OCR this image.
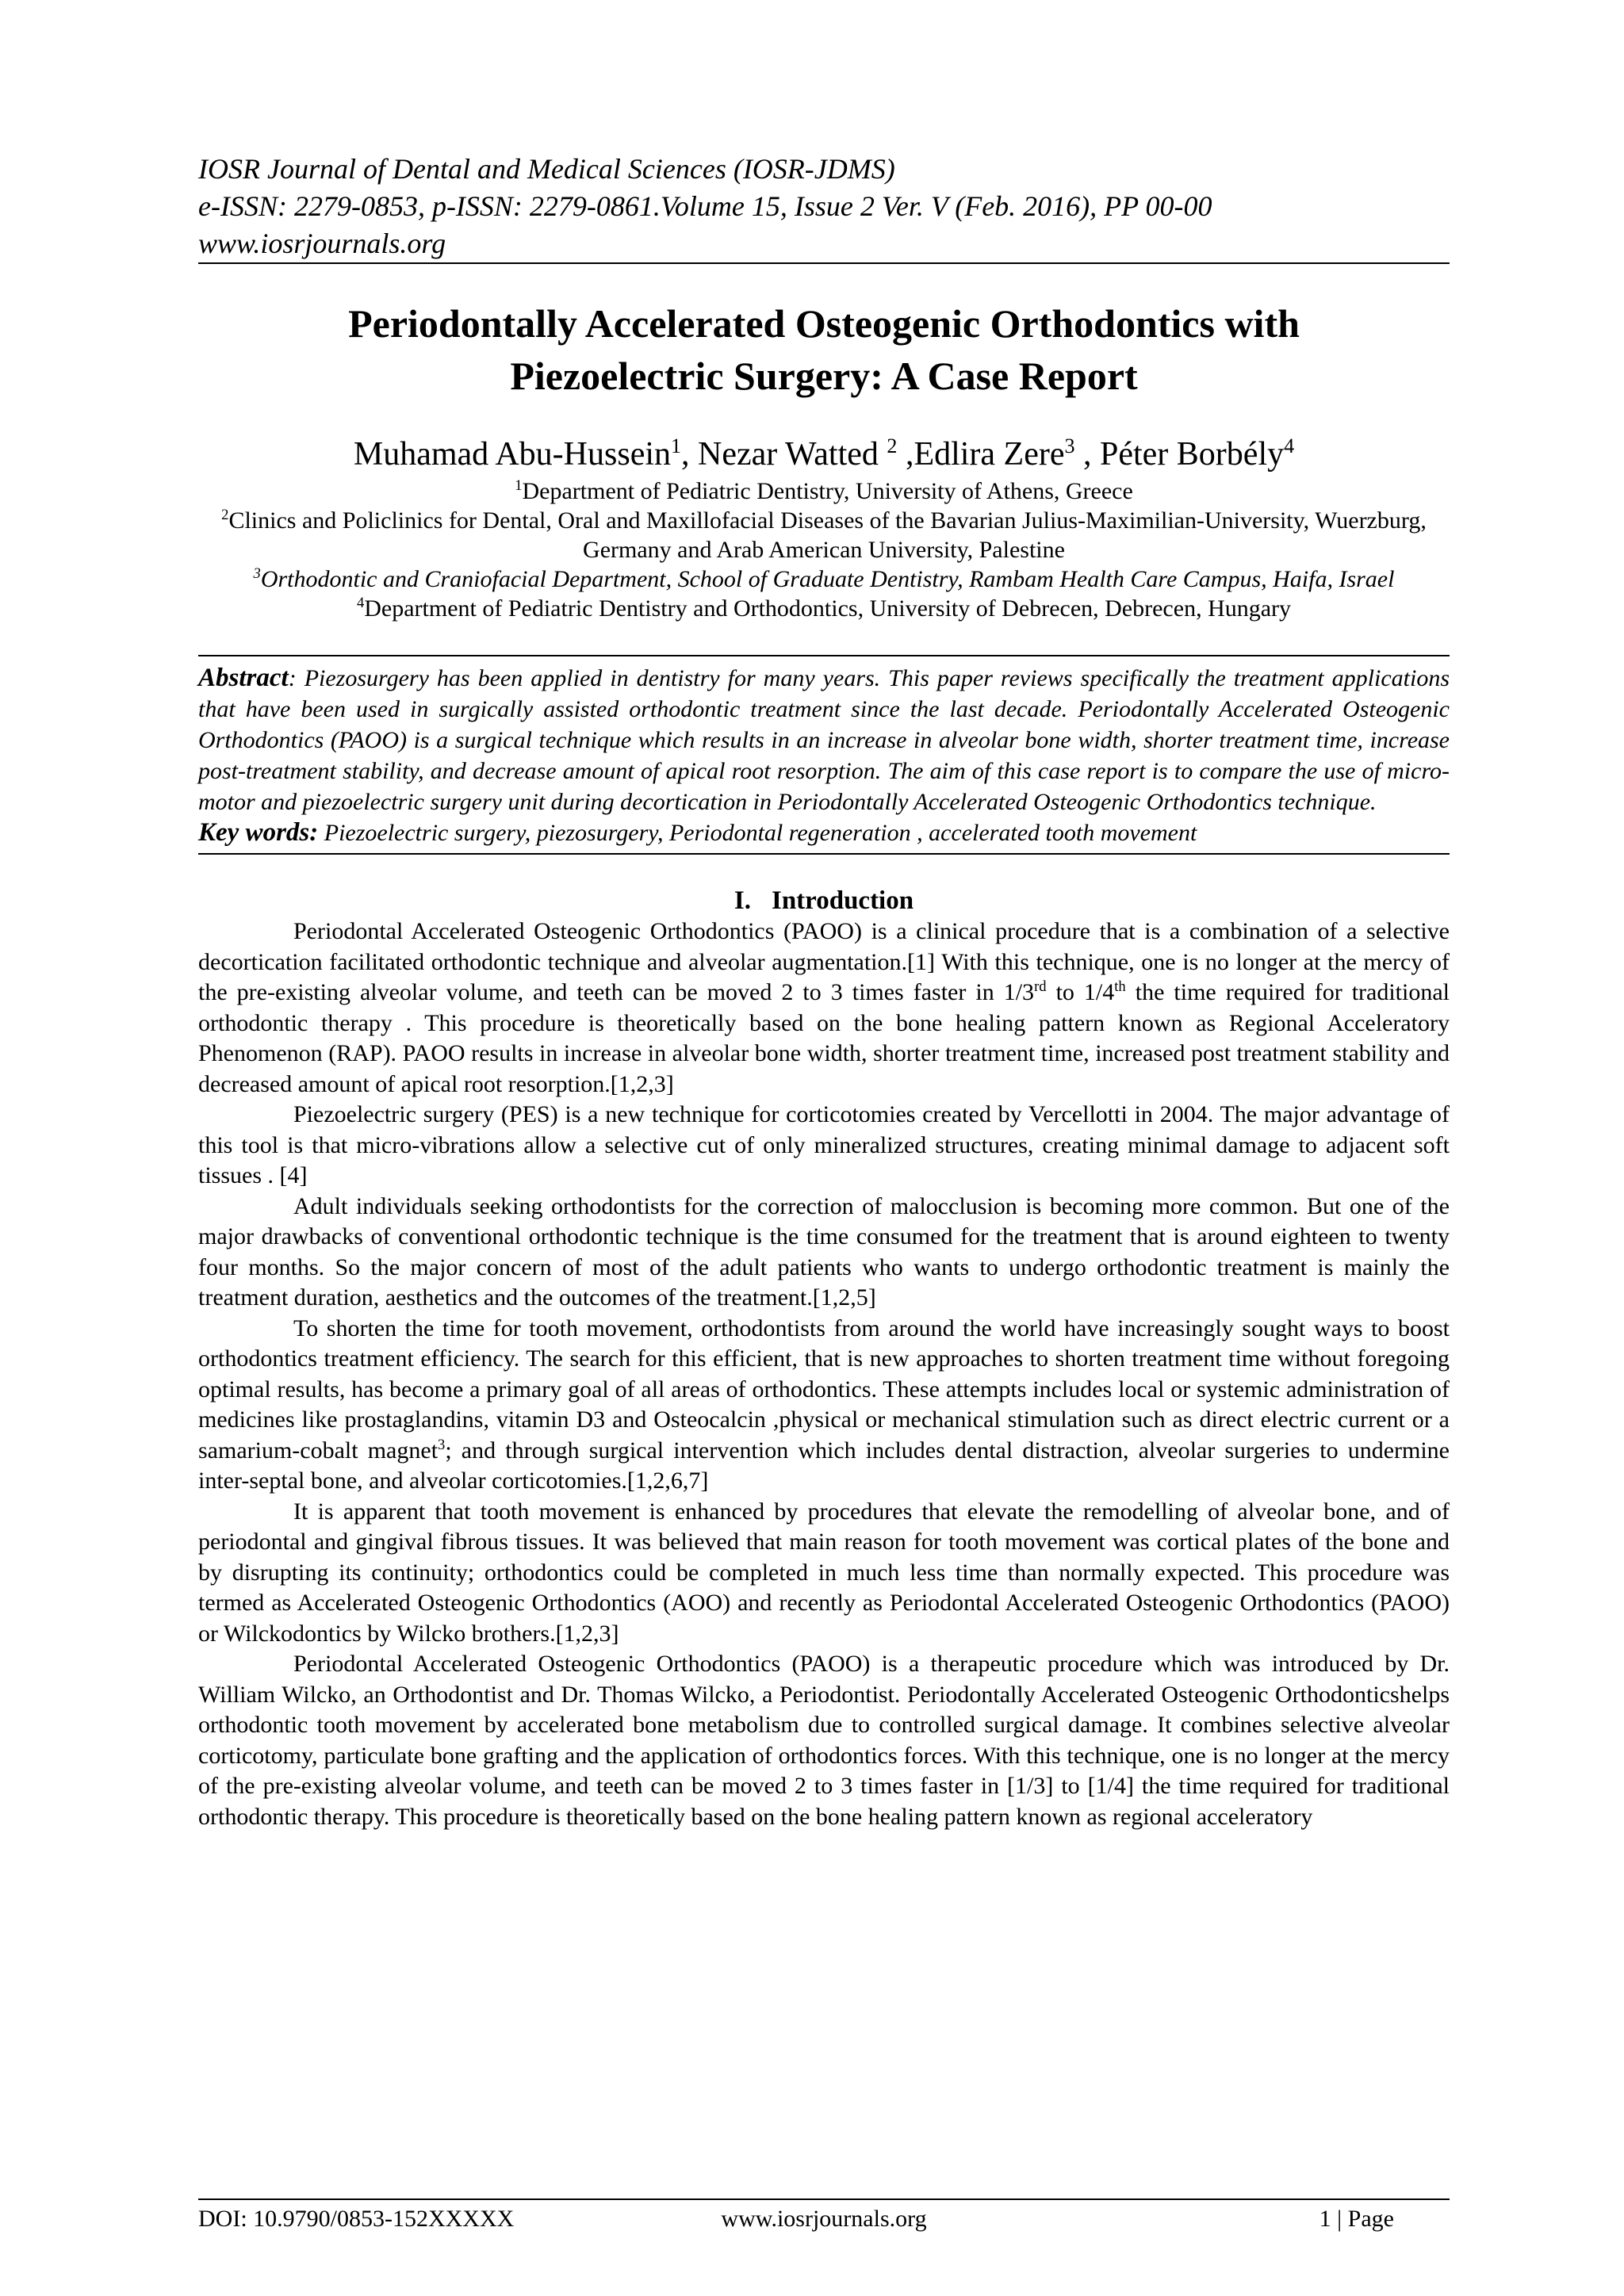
IOSR Journal of Dental and Medical Sciences (IOSR-JDMS)
e-ISSN: 2279-0853, p-ISSN: 2279-0861.Volume 15, Issue 2 Ver. V (Feb. 2016), PP 00-00
www.iosrjournals.org
Periodontally Accelerated Osteogenic Orthodontics with
Piezoelectric Surgery: A Case Report
Muhamad Abu-Hussein$^1$, Nezar Watted $^2$ ,Edlira Zere$^3$ , Péter Borbély$^4$
$^1$Department of Pediatric Dentistry, University of Athens, Greece
$^2$Clinics and Policlinics for Dental, Oral and Maxillofacial Diseases of the Bavarian Julius-Maximilian-University, Wuerzburg, Germany and Arab American University, Palestine
$^3$Orthodontic and Craniofacial Department, School of Graduate Dentistry, Rambam Health Care Campus, Haifa, Israel
$^4$Department of Pediatric Dentistry and Orthodontics, University of Debrecen, Debrecen, Hungary
Abstract: Piezosurgery has been applied in dentistry for many years. This paper reviews specifically the treatment applications that have been used in surgically assisted orthodontic treatment since the last decade. Periodontally Accelerated Osteogenic Orthodontics (PAOO) is a surgical technique which results in an increase in alveolar bone width, shorter treatment time, increase post-treatment stability, and decrease amount of apical root resorption. The aim of this case report is to compare the use of micro-motor and piezoelectric surgery unit during decortication in Periodontally Accelerated Osteogenic Orthodontics technique.
Key words: Piezoelectric surgery, piezosurgery, Periodontal regeneration , accelerated tooth movement
I. Introduction

Periodontal Accelerated Osteogenic Orthodontics (PAOO) is a clinical procedure that is a combination of a selective decortication facilitated orthodontic technique and alveolar augmentation.[1] With this technique, one is no longer at the mercy of the pre-existing alveolar volume, and teeth can be moved 2 to 3 times faster in 1/3rd to 1/4th the time required for traditional orthodontic therapy . This procedure is theoretically based on the bone healing pattern known as Regional Acceleratory Phenomenon (RAP). PAOO results in increase in alveolar bone width, shorter treatment time, increased post treatment stability and decreased amount of apical root resorption.[1,2,3]

Piezoelectric surgery (PES) is a new technique for corticotomies created by Vercellotti in 2004. The major advantage of this tool is that micro-vibrations allow a selective cut of only mineralized structures, creating minimal damage to adjacent soft tissues . [4]

Adult individuals seeking orthodontists for the correction of malocclusion is becoming more common. But one of the major drawbacks of conventional orthodontic technique is the time consumed for the treatment that is around eighteen to twenty four months. So the major concern of most of the adult patients who wants to undergo orthodontic treatment is mainly the treatment duration, aesthetics and the outcomes of the treatment.[1,2,5]

To shorten the time for tooth movement, orthodontists from around the world have increasingly sought ways to boost orthodontics treatment efficiency. The search for this efficient, that is new approaches to shorten treatment time without foregoing optimal results, has become a primary goal of all areas of orthodontics. These attempts includes local or systemic administration of medicines like prostaglandins, vitamin D3 and Osteocalcin ,physical or mechanical stimulation such as direct electric current or a samarium-cobalt magnet$^3$; and through surgical intervention which includes dental distraction, alveolar surgeries to undermine inter-septal bone, and alveolar corticotomies.[1,2,6,7]

It is apparent that tooth movement is enhanced by procedures that elevate the remodelling of alveolar bone, and of periodontal and gingival fibrous tissues. It was believed that main reason for tooth movement was cortical plates of the bone and by disrupting its continuity; orthodontics could be completed in much less time than normally expected. This procedure was termed as Accelerated Osteogenic Orthodontics (AOO) and recently as Periodontal Accelerated Osteogenic Orthodontics (PAOO) or Wilckodontics by Wilcko brothers.[1,2,3]

Periodontal Accelerated Osteogenic Orthodontics (PAOO) is a therapeutic procedure which was introduced by Dr. William Wilcko, an Orthodontist and Dr. Thomas Wilcko, a Periodontist. Periodontally Accelerated Osteogenic Orthodonticshelps orthodontic tooth movement by accelerated bone metabolism due to controlled surgical damage. It combines selective alveolar corticotomy, particulate bone grafting and the application of orthodontics forces. With this technique, one is no longer at the mercy of the pre-existing alveolar volume, and teeth can be moved 2 to 3 times faster in [1/3] to [1/4] the time required for traditional orthodontic therapy. This procedure is theoretically based on the bone healing pattern known as regional acceleratory

DOI: 10.9790/0853-152XXXXX	www.iosrjournals.org	1 | Page
